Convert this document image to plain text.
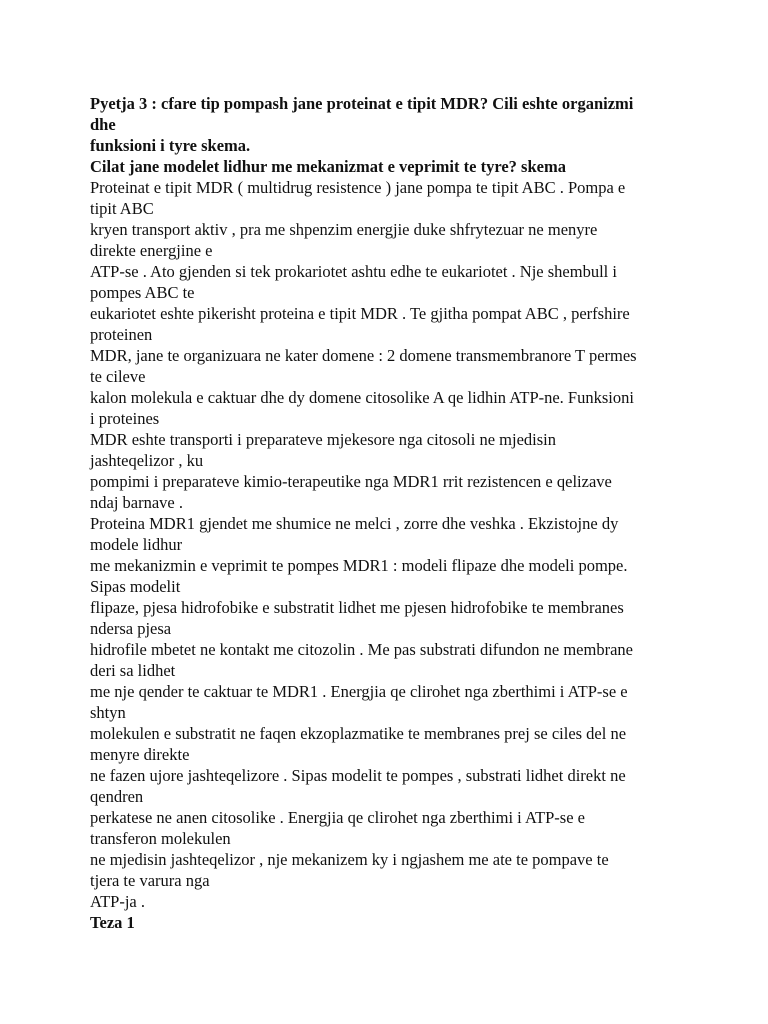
Pyetja 3 : cfare tip pompash jane proteinat e tipit MDR? Cili eshte organizmi
dhe
funksioni i tyre skema.
Cilat jane modelet lidhur me mekanizmat e veprimit te tyre? skema
Proteinat e tipit MDR ( multidrug resistence ) jane pompa te tipit ABC . Pompa e
tipit ABC
kryen transport aktiv , pra me shpenzim energjie duke shfrytezuar ne menyre
direkte energjine e
ATP-se . Ato gjenden si tek prokariotet ashtu edhe te eukariotet . Nje shembull i
pompes ABC te
eukariotet eshte pikerisht proteina e tipit MDR . Te gjitha pompat ABC , perfshire
proteinen
MDR, jane te organizuara ne kater domene : 2 domene transmembranore T permes
te cileve
kalon molekula e caktuar dhe dy domene citosolike A qe lidhin ATP-ne. Funksioni
i proteines
MDR eshte transporti i preparateve mjekesore nga citosoli ne mjedisin
jashteqelizor , ku
pompimi i preparateve kimio-terapeutike nga MDR1 rrit rezistencen e qelizave
ndaj barnave .
Proteina MDR1 gjendet me shumice ne melci , zorre dhe veshka . Ekzistojne dy
modele lidhur
me mekanizmin e veprimit te pompes MDR1 : modeli flipaze dhe modeli pompe.
Sipas modelit
flipaze, pjesa hidrofobike e substratit lidhet me pjesen hidrofobike te membranes
ndersa pjesa
hidrofile mbetet ne kontakt me citozolin . Me pas substrati difundon ne membrane
deri sa lidhet
me nje qender te caktuar te MDR1 . Energjia qe clirohet nga zberthimi i ATP-se e
shtyn
molekulen e substratit ne faqen ekzoplazmatike te membranes prej se ciles del ne
menyre direkte
ne fazen ujore jashteqelizore . Sipas modelit te pompes , substrati lidhet direkt ne
qendren
perkatese ne anen citosolike . Energjia qe clirohet nga zberthimi i ATP-se e
transferon molekulen
ne mjedisin jashteqelizor , nje mekanizem ky i ngjashem me ate te pompave te
tjera te varura nga
ATP-ja .
Teza 1
